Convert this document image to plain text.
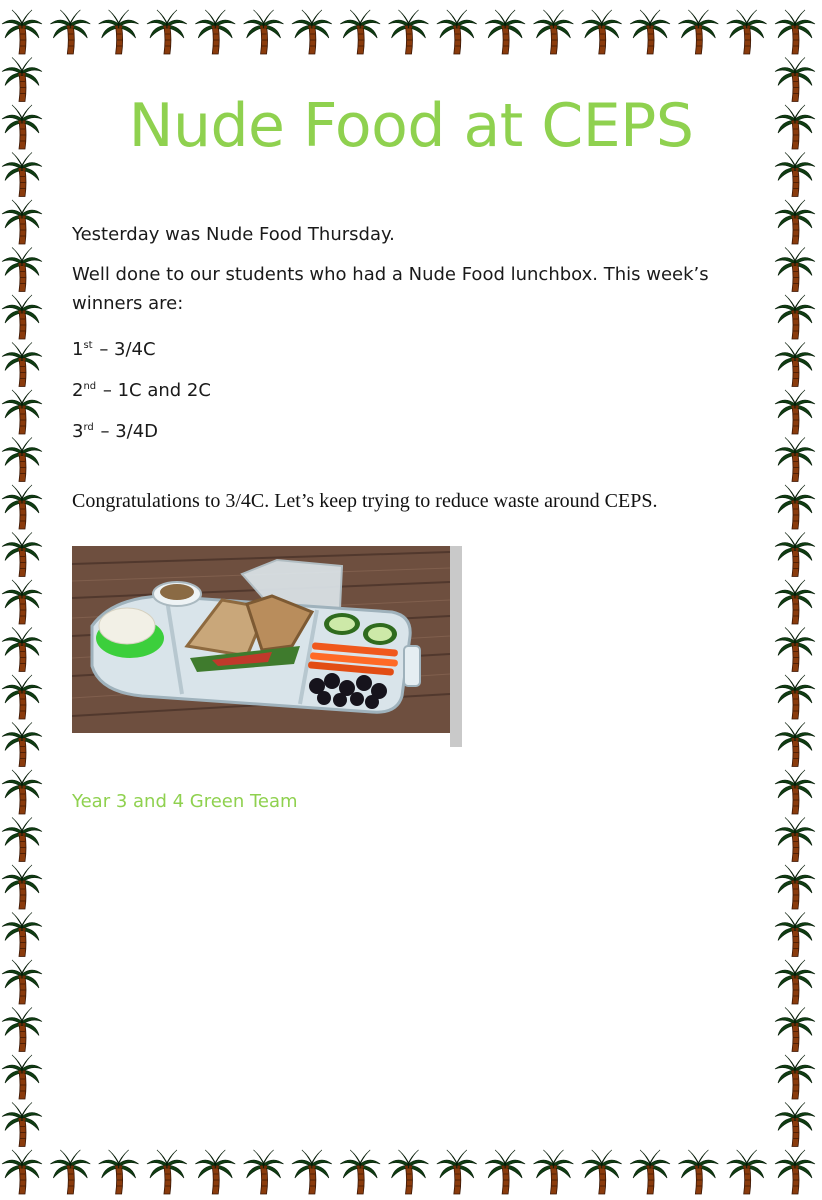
Nude Food at CEPS
Yesterday was Nude Food Thursday.
Well done to our students who had a Nude Food lunchbox. This week’s winners are:
1st – 3/4C
2nd – 1C and 2C
3rd – 3/4D
Congratulations to 3/4C. Let’s keep trying to reduce waste around CEPS.
Year 3 and 4 Green Team
